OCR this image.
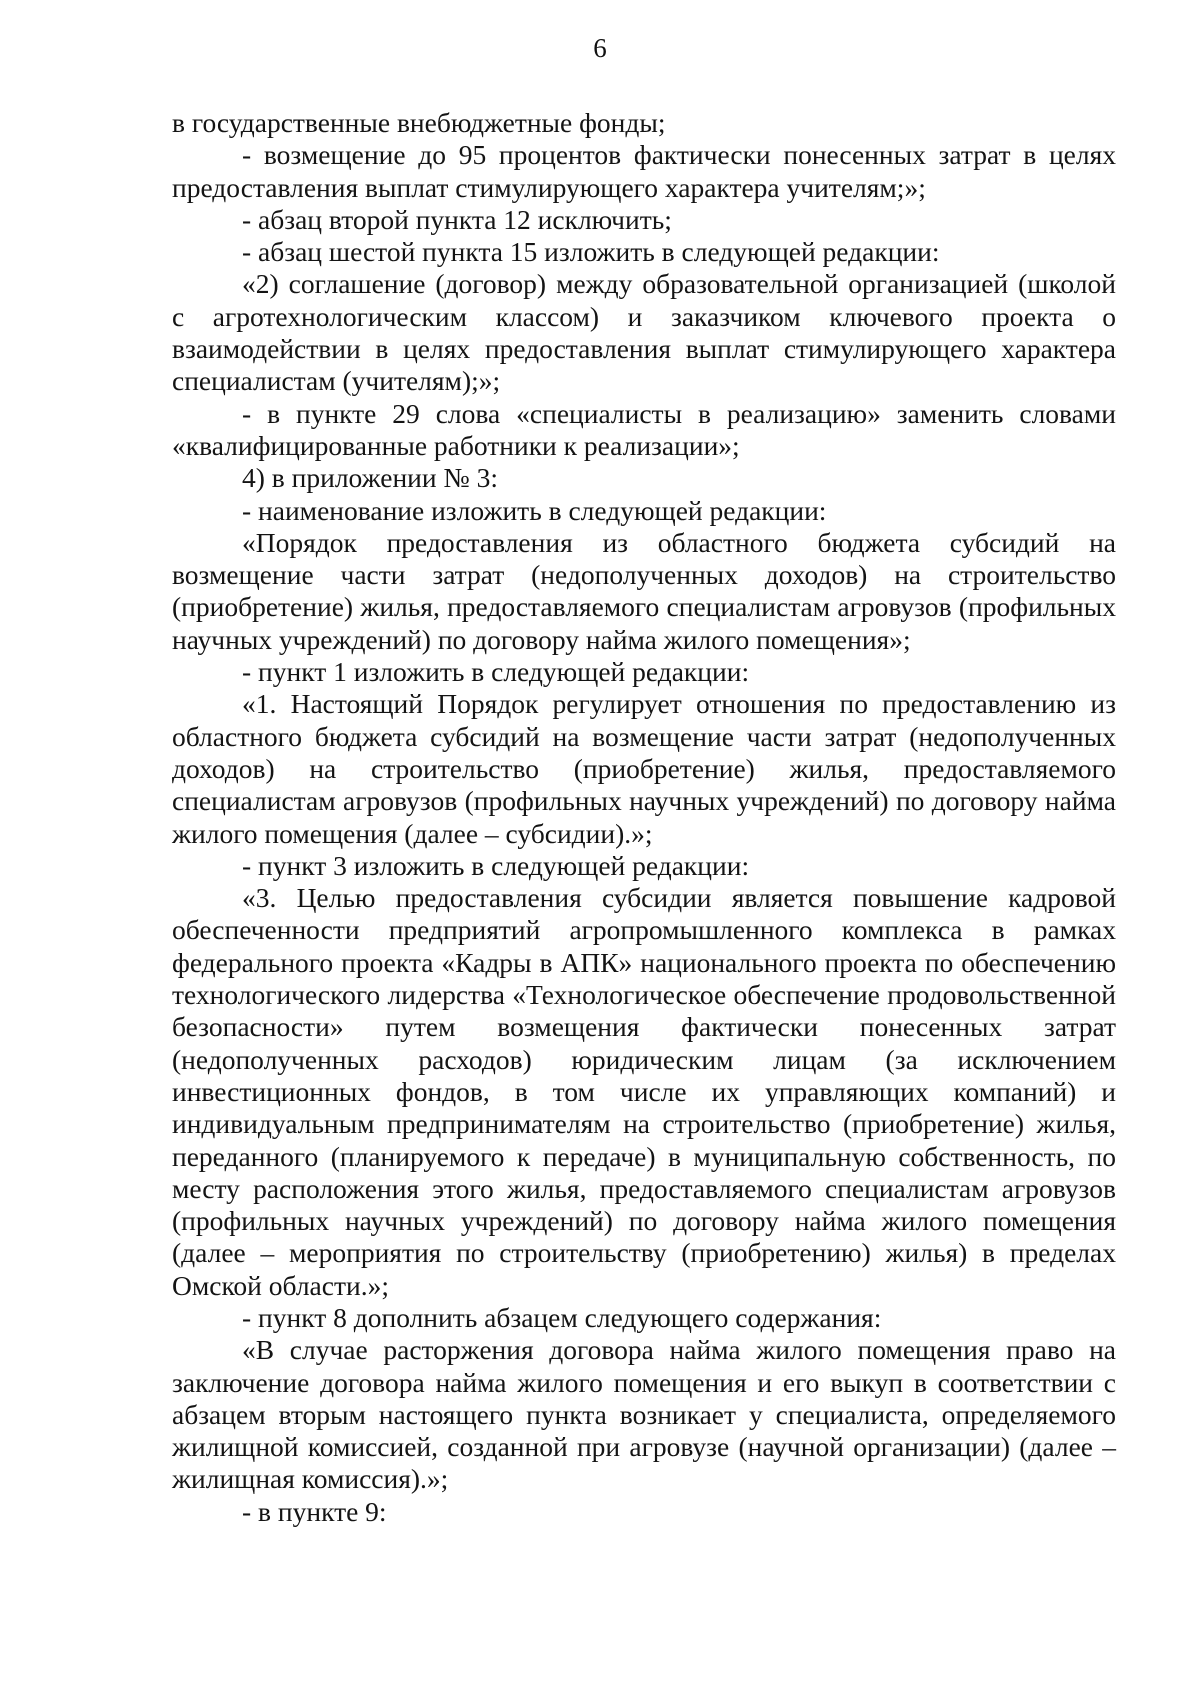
6

в государственные внебюджетные фонды;

- возмещение до 95 процентов фактически понесенных затрат в целях предоставления выплат стимулирующего характера учителям;»;

- абзац второй пункта 12 исключить;

- абзац шестой пункта 15 изложить в следующей редакции:

«2) соглашение (договор) между образовательной организацией (школой с агротехнологическим классом) и заказчиком ключевого проекта о взаимодействии в целях предоставления выплат стимулирующего характера специалистам (учителям);»;

- в пункте 29 слова «специалисты в реализацию» заменить словами «квалифицированные работники к реализации»;

4) в приложении № 3:

- наименование изложить в следующей редакции:

«Порядок предоставления из областного бюджета субсидий на возмещение части затрат (недополученных доходов) на строительство (приобретение) жилья, предоставляемого специалистам агровузов (профильных научных учреждений) по договору найма жилого помещения»;

- пункт 1 изложить в следующей редакции:

«1. Настоящий Порядок регулирует отношения по предоставлению из областного бюджета субсидий на возмещение части затрат (недополученных доходов) на строительство (приобретение) жилья, предоставляемого специалистам агровузов (профильных научных учреждений) по договору найма жилого помещения (далее – субсидии).»;

- пункт 3 изложить в следующей редакции:

«3. Целью предоставления субсидии является повышение кадровой обеспеченности предприятий агропромышленного комплекса в рамках федерального проекта «Кадры в АПК» национального проекта по обеспечению технологического лидерства «Технологическое обеспечение продовольственной безопасности» путем возмещения фактически понесенных затрат (недополученных расходов) юридическим лицам (за исключением инвестиционных фондов, в том числе их управляющих компаний) и индивидуальным предпринимателям на строительство (приобретение) жилья, переданного (планируемого к передаче) в муниципальную собственность, по месту расположения этого жилья, предоставляемого специалистам агровузов (профильных научных учреждений) по договору найма жилого помещения (далее – мероприятия по строительству (приобретению) жилья) в пределах Омской области.»;

- пункт 8 дополнить абзацем следующего содержания:

«В случае расторжения договора найма жилого помещения право на заключение договора найма жилого помещения и его выкуп в соответствии с абзацем вторым настоящего пункта возникает у специалиста, определяемого жилищной комиссией, созданной при агровузе (научной организации) (далее – жилищная комиссия).»;

- в пункте 9:
